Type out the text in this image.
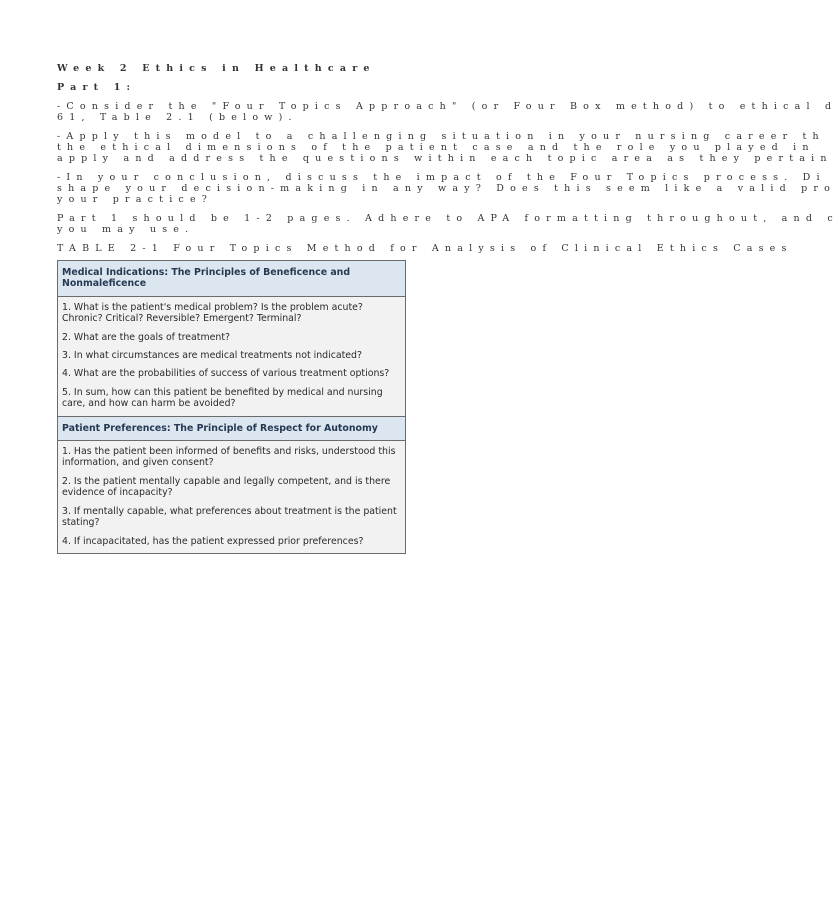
Week 2 Ethics in Healthcare
Part 1:
-Consider the "Four Topics Approach" (or Four Box method) to ethical d
61, Table 2.1 (below).
-Apply this model to a challenging situation in your nursing career th
the ethical dimensions of the patient case and the role you played in
apply and address the questions within each topic area as they pertain
-In your conclusion, discuss the impact of the Four Topics process. Di
shape your decision-making in any way? Does this seem like a valid pro
your practice?
Part 1 should be 1-2 pages. Adhere to APA formatting throughout, and c
you may use.
TABLE 2-1 Four Topics Method for Analysis of Clinical Ethics Cases
Medical Indications: The Principles of Beneficence and Nonmaleficence

1. What is the patient's medical problem? Is the problem acute? Chronic? Critical? Reversible? Emergent? Terminal?

2. What are the goals of treatment?

3. In what circumstances are medical treatments not indicated?

4. What are the probabilities of success of various treatment options?

5. In sum, how can this patient be benefited by medical and nursing care, and how can harm be avoided?

Patient Preferences: The Principle of Respect for Autonomy

1. Has the patient been informed of benefits and risks, understood this information, and given consent?

2. Is the patient mentally capable and legally competent, and is there evidence of incapacity?

3. If mentally capable, what preferences about treatment is the patient stating?

4. If incapacitated, has the patient expressed prior preferences?
